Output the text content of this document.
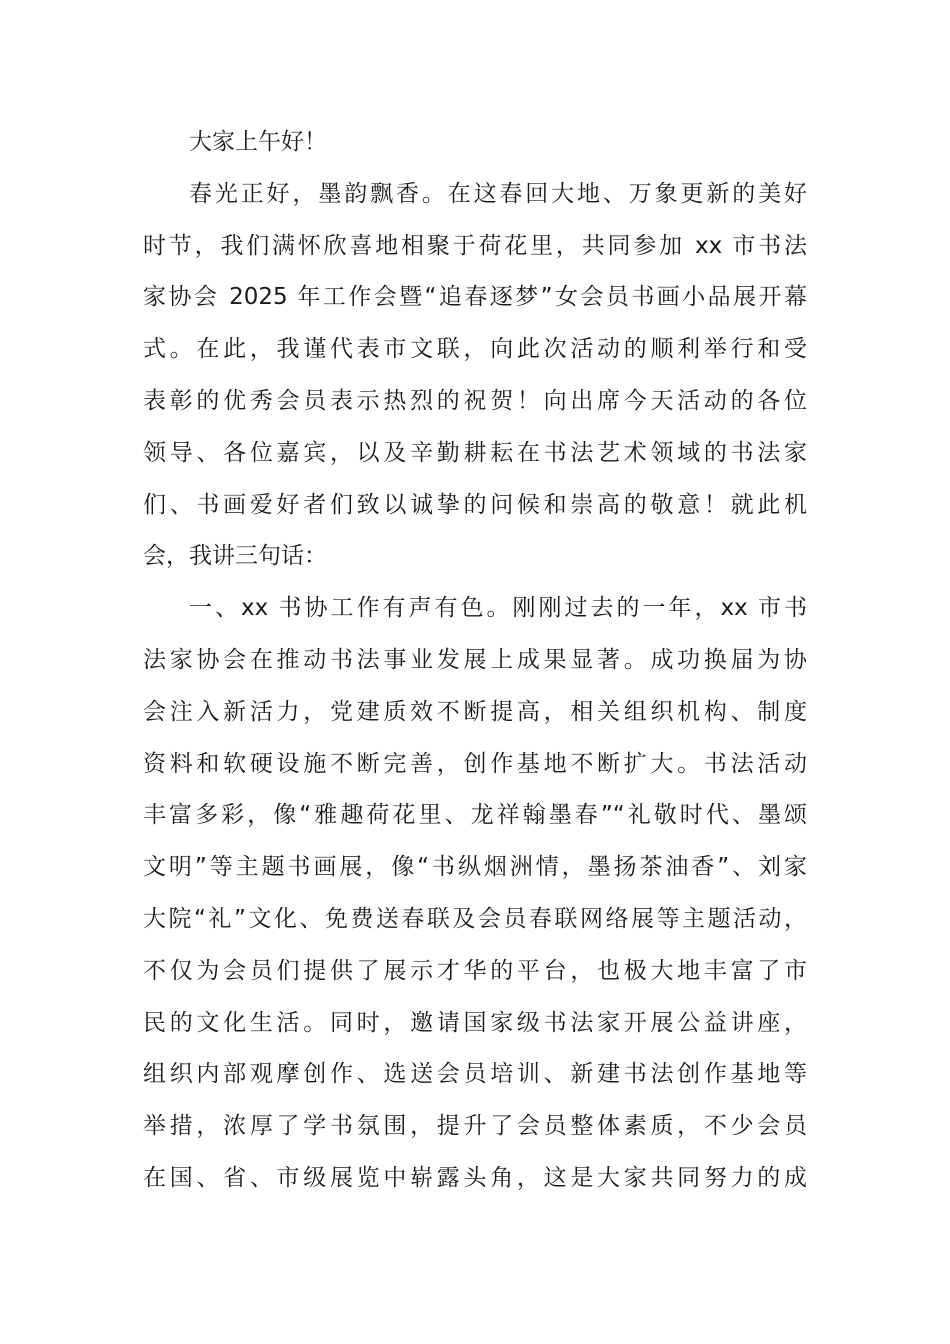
大家上午好！
春光正好，墨韵飘香。在这春回大地、万象更新的美好
时节，我们满怀欣喜地相聚于荷花里，共同参加 xx 市书法
家协会 2025 年工作会暨“追春逐梦”女会员书画小品展开幕
式。在此，我谨代表市文联，向此次活动的顺利举行和受
表彰的优秀会员表示热烈的祝贺！向出席今天活动的各位
领导、各位嘉宾，以及辛勤耕耘在书法艺术领域的书法家
们、书画爱好者们致以诚挚的问候和崇高的敬意！就此机
会，我讲三句话：
一、xx 书协工作有声有色。刚刚过去的一年，xx 市书
法家协会在推动书法事业发展上成果显著。成功换届为协
会注入新活力，党建质效不断提高，相关组织机构、制度
资料和软硬设施不断完善，创作基地不断扩大。书法活动
丰富多彩，像“雅趣荷花里、龙祥翰墨春”“礼敬时代、墨颂
文明”等主题书画展，像“书纵烟洲情，墨扬茶油香”、刘家
大院“礼”文化、免费送春联及会员春联网络展等主题活动，
不仅为会员们提供了展示才华的平台，也极大地丰富了市
民的文化生活。同时，邀请国家级书法家开展公益讲座，
组织内部观摩创作、选送会员培训、新建书法创作基地等
举措，浓厚了学书氛围，提升了会员整体素质，不少会员
在国、省、市级展览中崭露头角，这是大家共同努力的成
